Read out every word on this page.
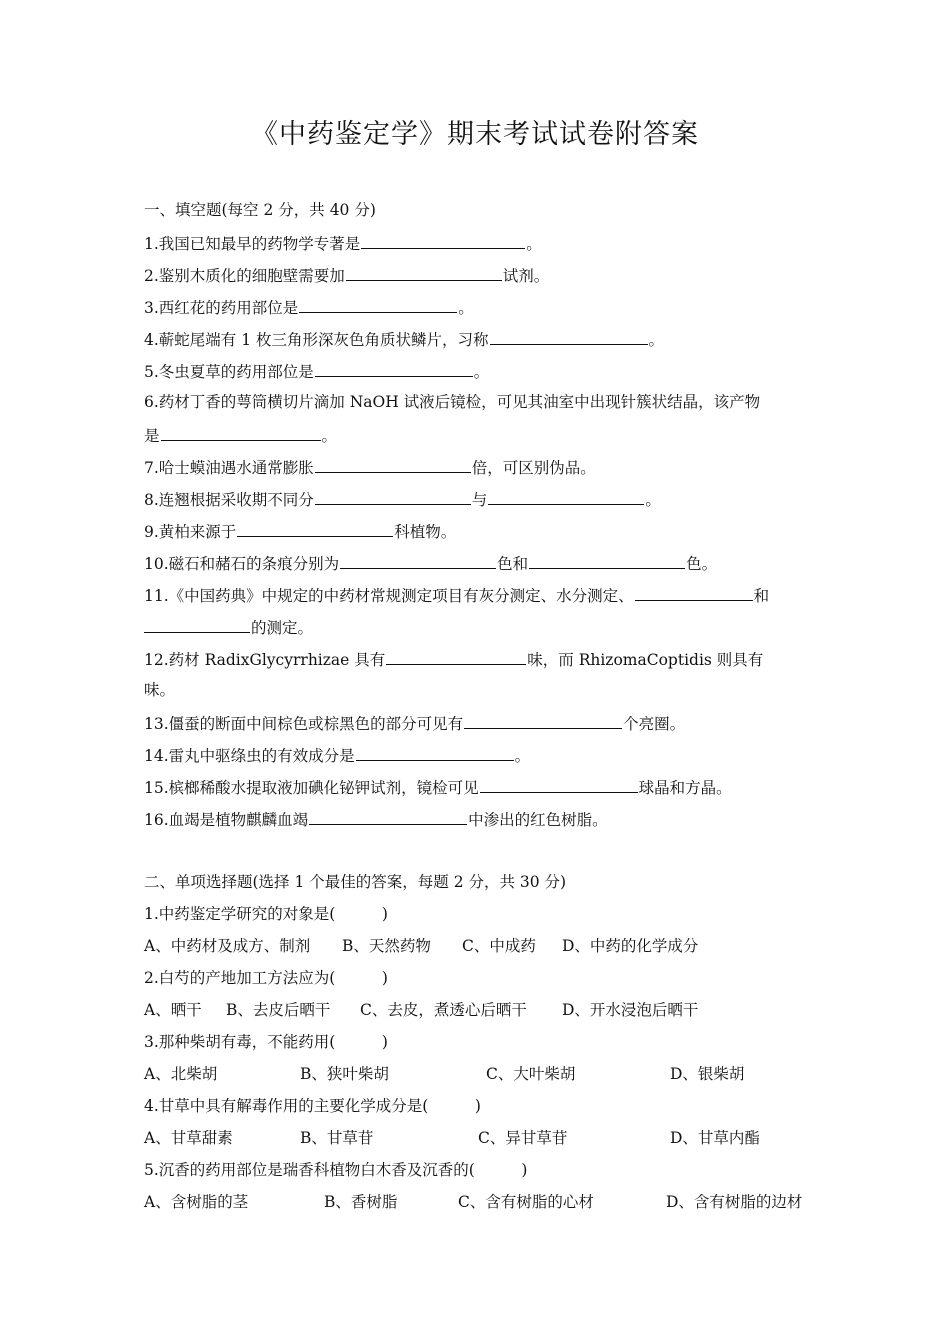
《中药鉴定学》期末考试试卷附答案
一、填空题(每空 2 分，共 40 分)
1.我国已知最早的药物学专著是	。
2.鉴别木质化的细胞壁需要加	试剂。
3.西红花的药用部位是	。
4.蕲蛇尾端有 1 枚三角形深灰色角质状鳞片，习称	。
5.冬虫夏草的药用部位是	。
6.药材丁香的萼筒横切片滴加 NaOH 试液后镜检，可见其油室中出现针簇状结晶，该产物
是	。
7.哈士蟆油遇水通常膨胀	倍，可区别伪品。
8.连翘根据采收期不同分	与	。
9.黄柏来源于	科植物。
10.磁石和赭石的条痕分别为	色和	色。
11.《中国药典》中规定的中药材常规测定项目有灰分测定、水分测定、	和
的测定。
12.药材 RadixGlycyrrhizae 具有	味，而 RhizomaCoptidis 则具有
味。
13.僵蚕的断面中间棕色或棕黑色的部分可见有	个亮圈。
14.雷丸中驱绦虫的有效成分是	。
15.槟榔稀酸水提取液加碘化铋钾试剂，镜检可见	球晶和方晶。
16.血竭是植物麒麟血竭	中渗出的红色树脂。
二、单项选择题(选择 1 个最佳的答案，每题 2 分，共 30 分)
1.中药鉴定学研究的对象是(　　　)
A、中药材及成方、制剂 B、天然药物 C、中成药 D、中药的化学成分
2.白芍的产地加工方法应为(　　　)
A、晒干 B、去皮后晒干 C、去皮，煮透心后晒干 D、开水浸泡后晒干
3.那种柴胡有毒，不能药用(　　　)
A、北柴胡	B、狭叶柴胡	C、大叶柴胡	D、银柴胡
4.甘草中具有解毒作用的主要化学成分是(　　　)
A、甘草甜素	B、甘草苷	C、异甘草苷	D、甘草内酯
5.沉香的药用部位是瑞香科植物白木香及沉香的(　　　)
A、含树脂的茎	B、香树脂	C、含有树脂的心材	D、含有树脂的边材
